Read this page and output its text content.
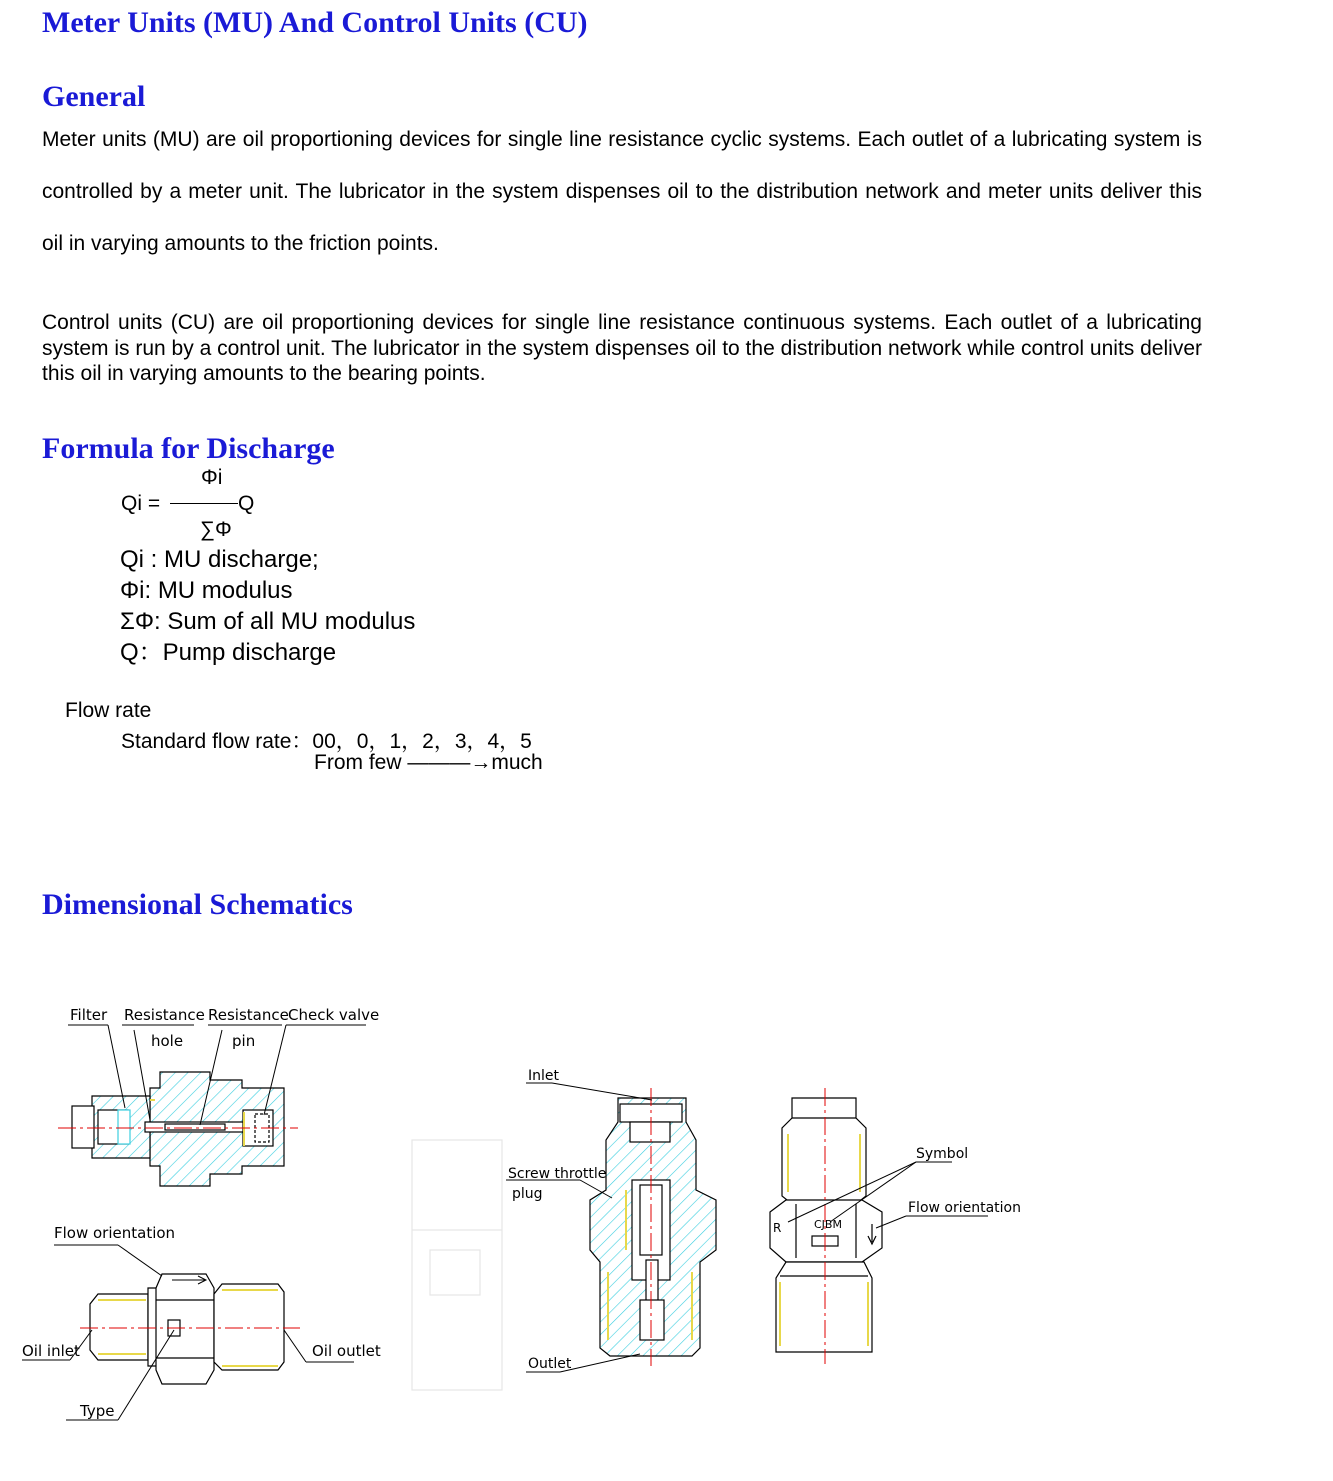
Meter Units (MU) And Control Units (CU)
General

Meter units (MU) are oil proportioning devices for single line resistance cyclic systems. Each outlet of a lubricating system is controlled by a meter unit. The lubricator in the system dispenses oil to the distribution network and meter units deliver this oil in varying amounts to the friction points.

Control units (CU) are oil proportioning devices for single line resistance continuous systems. Each outlet of a lubricating system is run by a control unit. The lubricator in the system dispenses oil to the distribution network while control units deliver this oil in varying amounts to the bearing points.

Formula for Discharge
Qi =
Φi
Q
∑Φ
Qi : MU discharge;
Φi: MU modulus
ΣΦ: Sum of all MU modulus
Q：Pump discharge
Flow rate
Standard flow rate：00，0，1，2，3，4，5
From few ———→much
Dimensional Schematics
Filter Resistance
hole
Resistance
pin
Check valve
Flow orientation
Oil inlet	Oil outlet
Type
Inlet
Screw throttle
plug
Outlet
Symbol
Flow orientation
R	CJBM
